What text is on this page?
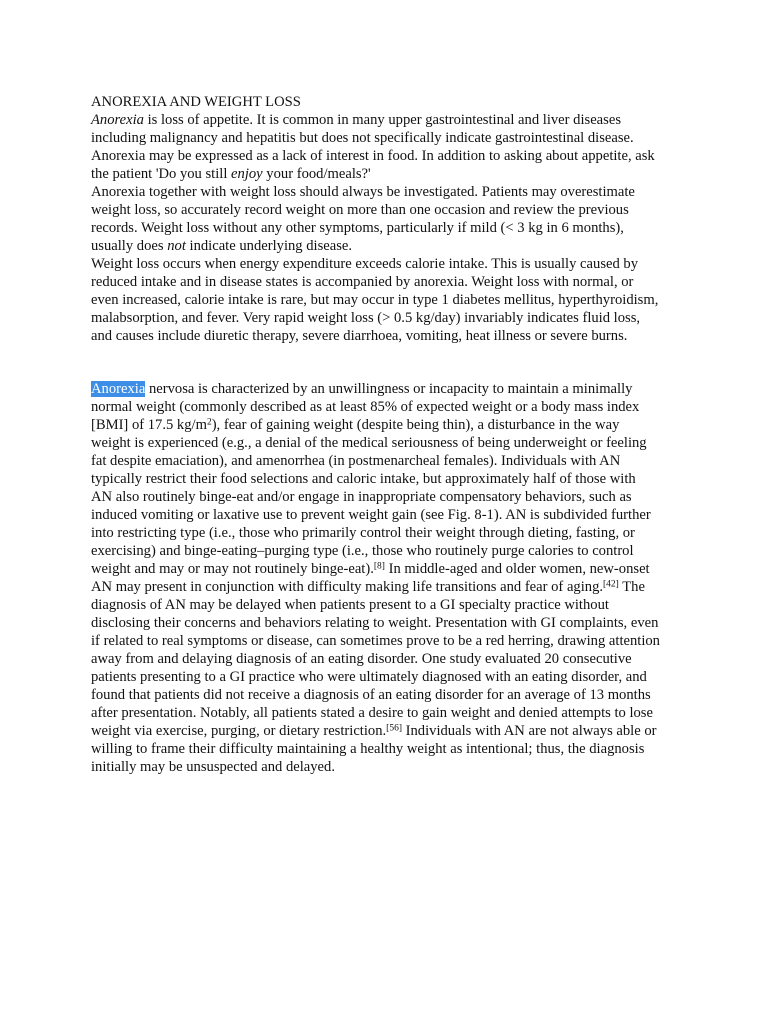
ANOREXIA AND WEIGHT LOSS
Anorexia is loss of appetite. It is common in many upper gastrointestinal and liver diseases
including malignancy and hepatitis but does not specifically indicate gastrointestinal disease.
Anorexia may be expressed as a lack of interest in food. In addition to asking about appetite, ask
the patient 'Do you still enjoy your food/meals?'
Anorexia together with weight loss should always be investigated. Patients may overestimate
weight loss, so accurately record weight on more than one occasion and review the previous
records. Weight loss without any other symptoms, particularly if mild (< 3 kg in 6 months),
usually does not indicate underlying disease.
Weight loss occurs when energy expenditure exceeds calorie intake. This is usually caused by
reduced intake and in disease states is accompanied by anorexia. Weight loss with normal, or
even increased, calorie intake is rare, but may occur in type 1 diabetes mellitus, hyperthyroidism,
malabsorption, and fever. Very rapid weight loss (> 0.5 kg/day) invariably indicates fluid loss,
and causes include diuretic therapy, severe diarrhoea, vomiting, heat illness or severe burns.
Anorexia nervosa is characterized by an unwillingness or incapacity to maintain a minimally
normal weight (commonly described as at least 85% of expected weight or a body mass index
[BMI] of 17.5 $kg/m^2$), fear of gaining weight (despite being thin), a disturbance in the way
weight is experienced (e.g., a denial of the medical seriousness of being underweight or feeling
fat despite emaciation), and amenorrhea (in postmenarcheal females). Individuals with AN
typically restrict their food selections and caloric intake, but approximately half of those with
AN also routinely binge-eat and/or engage in inappropriate compensatory behaviors, such as
induced vomiting or laxative use to prevent weight gain (see Fig. 8-1). AN is subdivided further
into restricting type (i.e., those who primarily control their weight through dieting, fasting, or
exercising) and binge-eating–purging type (i.e., those who routinely purge calories to control
weight and may or may not routinely binge-eat).[8] In middle-aged and older women, new-onset
AN may present in conjunction with difficulty making life transitions and fear of aging.[42] The
diagnosis of AN may be delayed when patients present to a GI specialty practice without
disclosing their concerns and behaviors relating to weight. Presentation with GI complaints, even
if related to real symptoms or disease, can sometimes prove to be a red herring, drawing attention
away from and delaying diagnosis of an eating disorder. One study evaluated 20 consecutive
patients presenting to a GI practice who were ultimately diagnosed with an eating disorder, and
found that patients did not receive a diagnosis of an eating disorder for an average of 13 months
after presentation. Notably, all patients stated a desire to gain weight and denied attempts to lose
weight via exercise, purging, or dietary restriction.[56] Individuals with AN are not always able or
willing to frame their difficulty maintaining a healthy weight as intentional; thus, the diagnosis
initially may be unsuspected and delayed.
